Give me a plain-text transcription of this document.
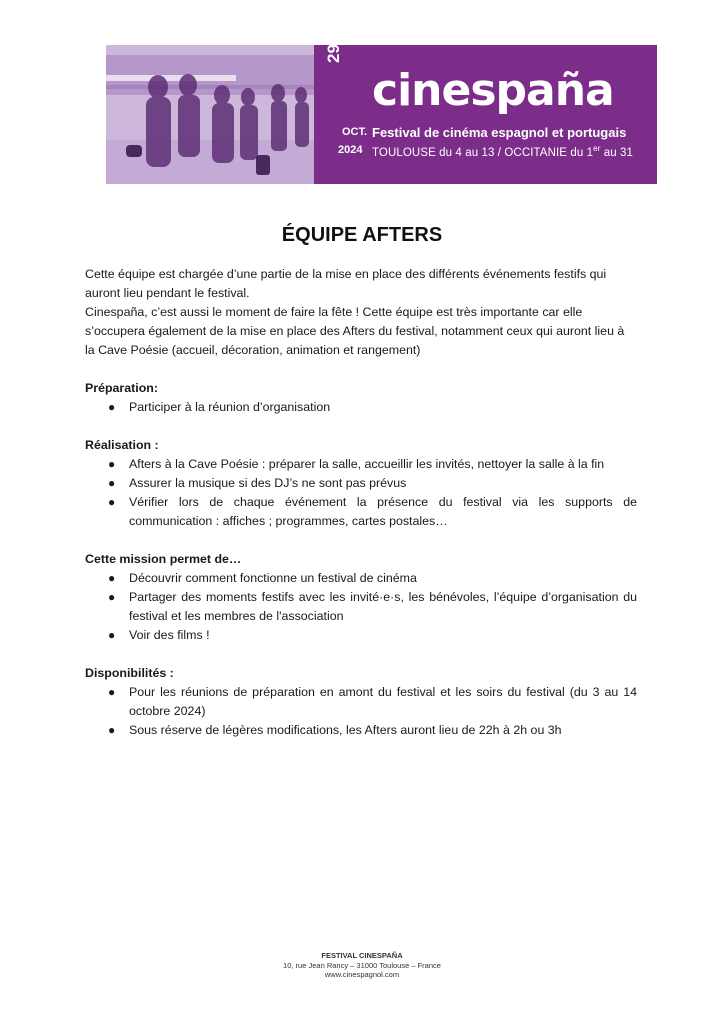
29e
cinespaña
OCT.
2024
Festival de cinéma espagnol et portugais
TOULOUSE du 4 au 13 / OCCITANIE du 1er au 31
ÉQUIPE AFTERS

Cette équipe est chargée d’une partie de la mise en place des différents événements festifs qui auront lieu pendant le festival.

Cinespaña, c’est aussi le moment de faire la fête ! Cette équipe est très importante car elle s’occupera également de la mise en place des Afters du festival, notamment ceux qui auront lieu à la Cave Poésie (accueil, décoration, animation et rangement)

Préparation:

● Participer à la réunion d’organisation

Réalisation :

● Afters à la Cave Poésie : préparer la salle, accueillir les invités, nettoyer la salle à la fin
● Assurer la musique si des DJ’s ne sont pas prévus
● Vérifier lors de chaque événement la présence du festival via les supports de communication : affiches ; programmes, cartes postales…

Cette mission permet de…

● Découvrir comment fonctionne un festival de cinéma
● Partager des moments festifs avec les invité·e·s, les bénévoles, l’équipe d’organisation du festival et les membres de l'association
● Voir des films !

Disponibilités :

● Pour les réunions de préparation en amont du festival et les soirs du festival (du 3 au 14 octobre 2024)
● Sous réserve de légères modifications, les Afters auront lieu de 22h à 2h ou 3h
FESTIVAL CINESPAÑA
10, rue Jean Rancy – 31000 Toulouse – France
www.cinespagnol.com
